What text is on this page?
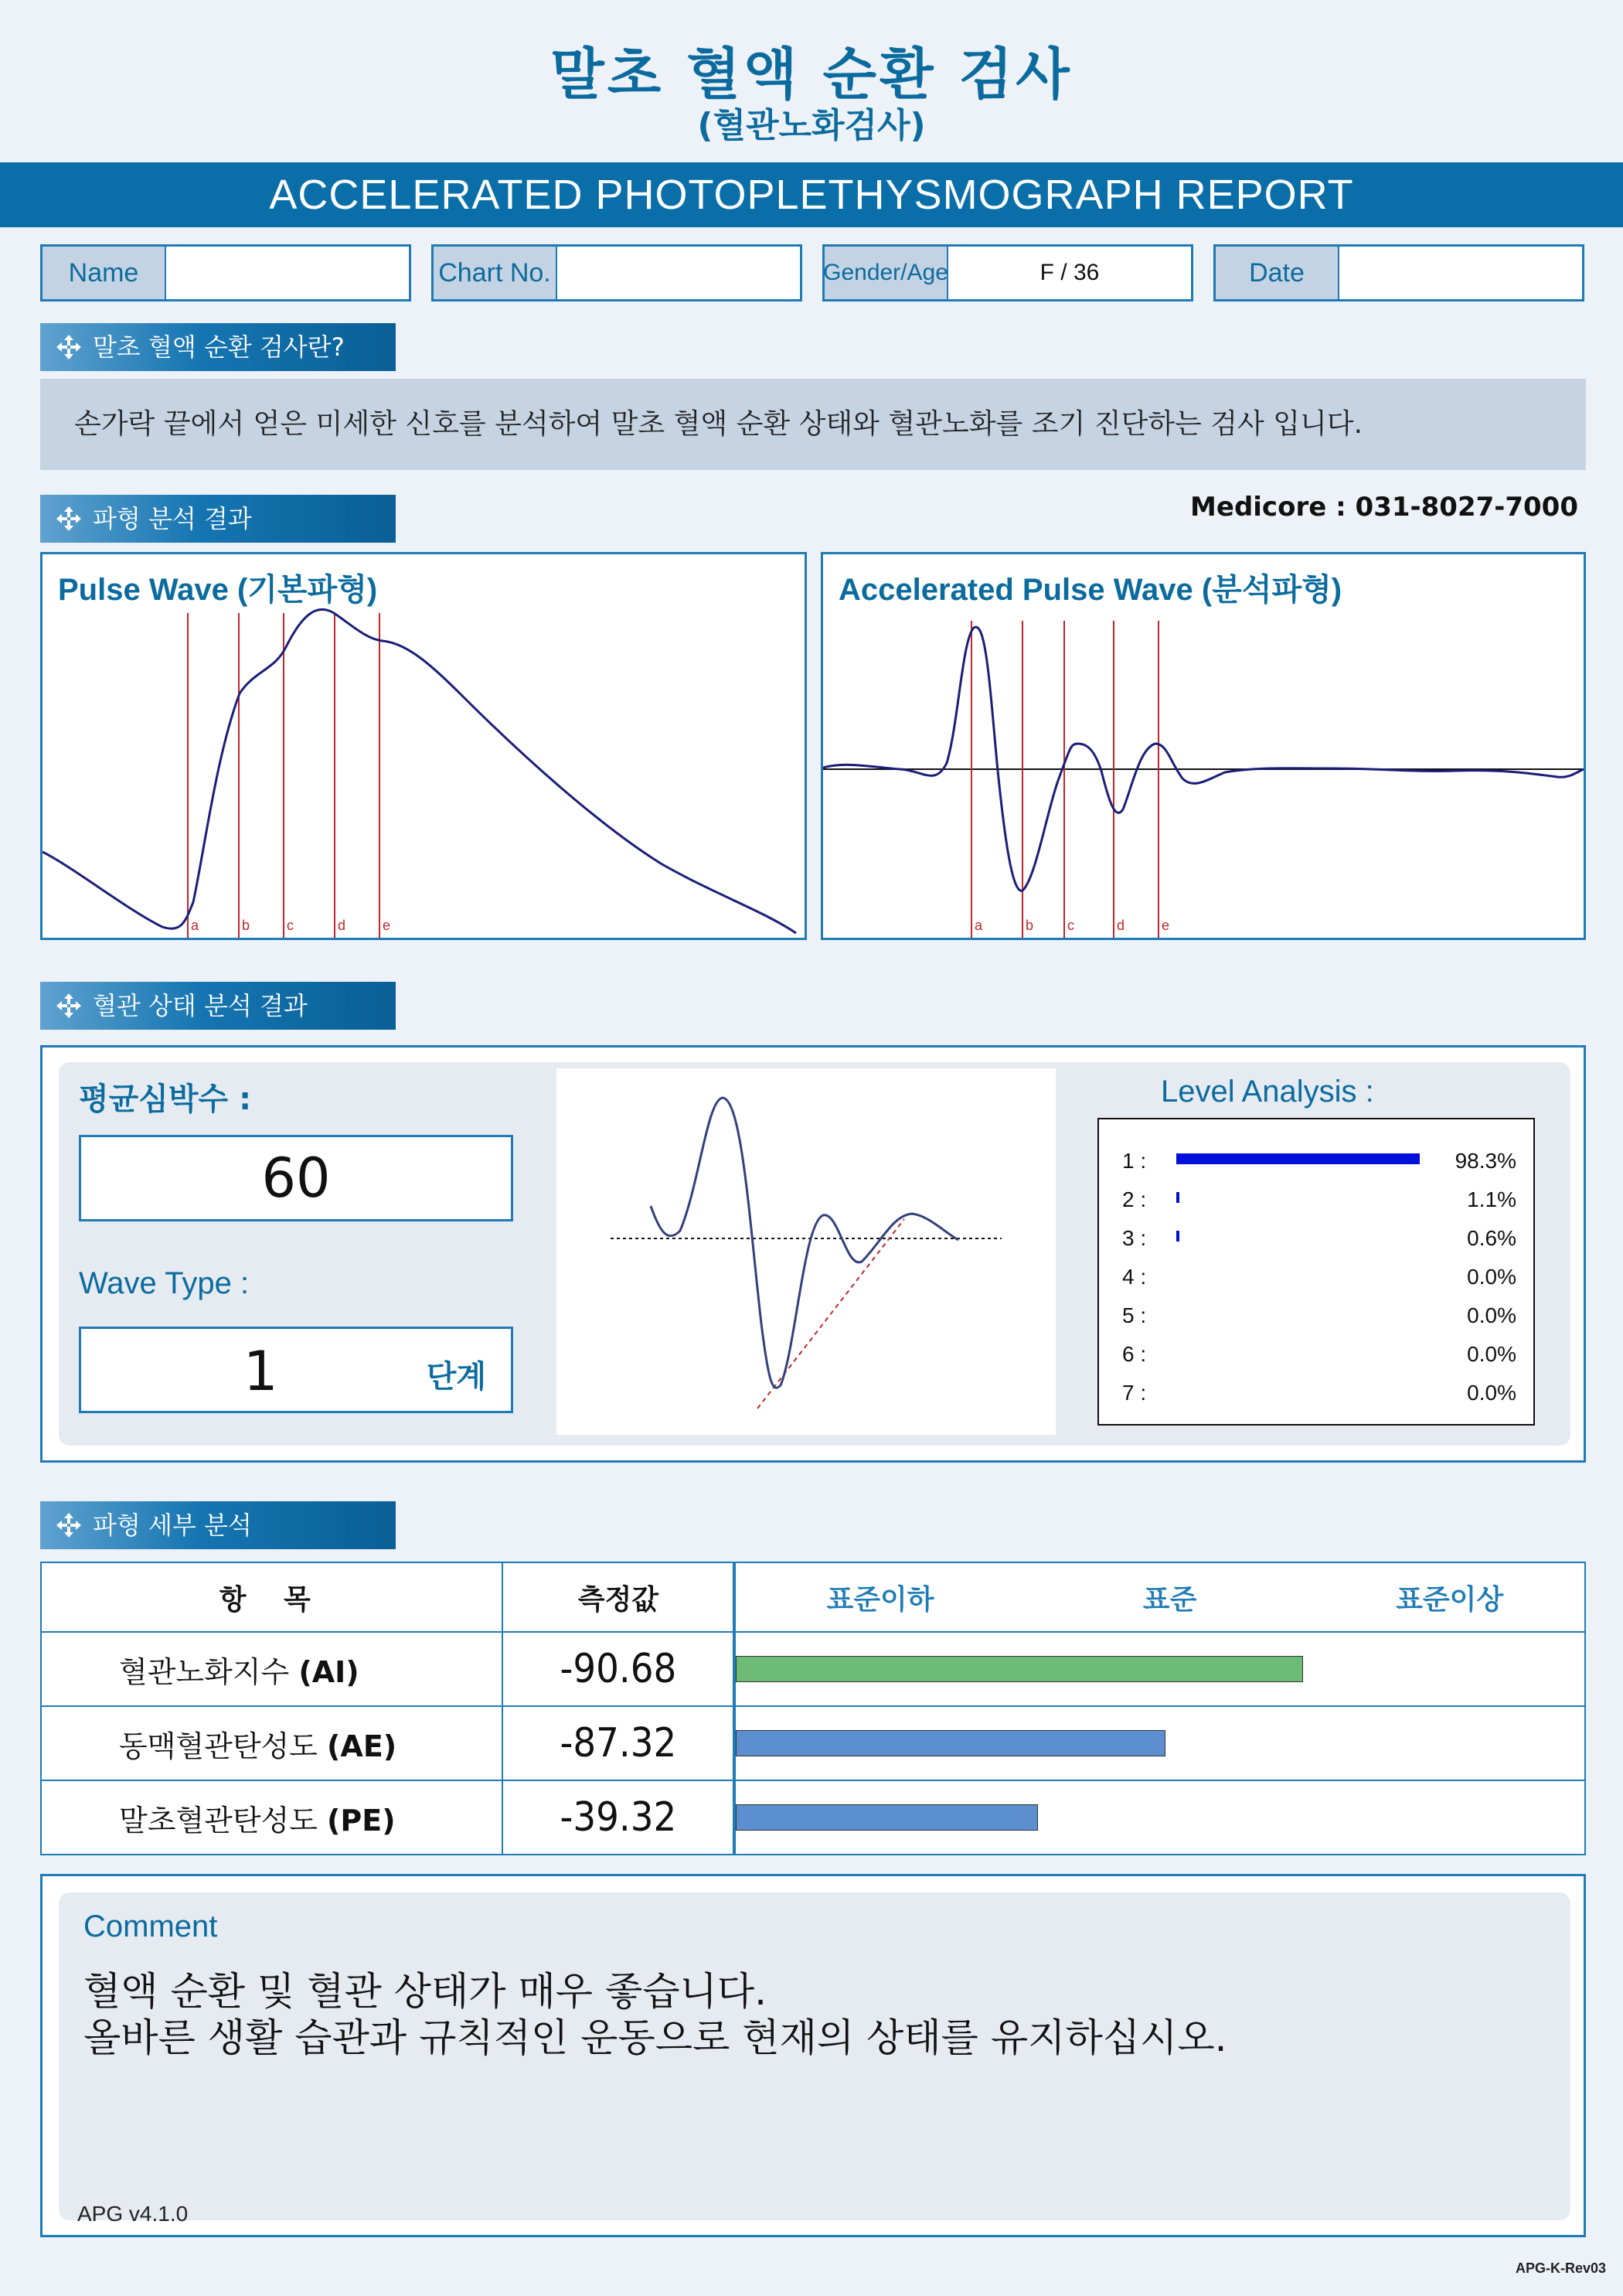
말초 혈액 순환 검사
(혈관노화검사)
ACCELERATED PHOTOPLETHYSMOGRAPH REPORT
Name	Chart No.	Gender/Age	F / 36	Date
말초 혈액 순환 검사란?
손가락 끝에서 얻은 미세한 신호를 분석하여 말초 혈액 순환 상태와 혈관노화를 조기 진단하는 검사 입니다.
파형 분석 결과	Medicore : 031-8027-7000
Pulse Wave (기본파형)
a	b	c	d	e
Accelerated Pulse Wave (분석파형)
a	b c	d	e
혈관 상태 분석 결과
평균심박수 :
60
Wave Type :
1	단계
Level Analysis :
1 :	98.3%
2 :	1.1%
3 :	0.6%
4 :	0.0%
5 :	0.0%
6 :	0.0%
7 :	0.0%
파형 세부 분석
항 목	측정값	표준이하	표준	표준이상
혈관노화지수 (AI)	-90.68			

동맥혈관탄성도 (AE)	-87.32			

말초혈관탄성도 (PE)	-39.32			
Comment
혈액 순환 및 혈관 상태가 매우 좋습니다.
올바른 생활 습관과 규칙적인 운동으로 현재의 상태를 유지하십시오.
APG v4.1.0
APG-K-Rev03
